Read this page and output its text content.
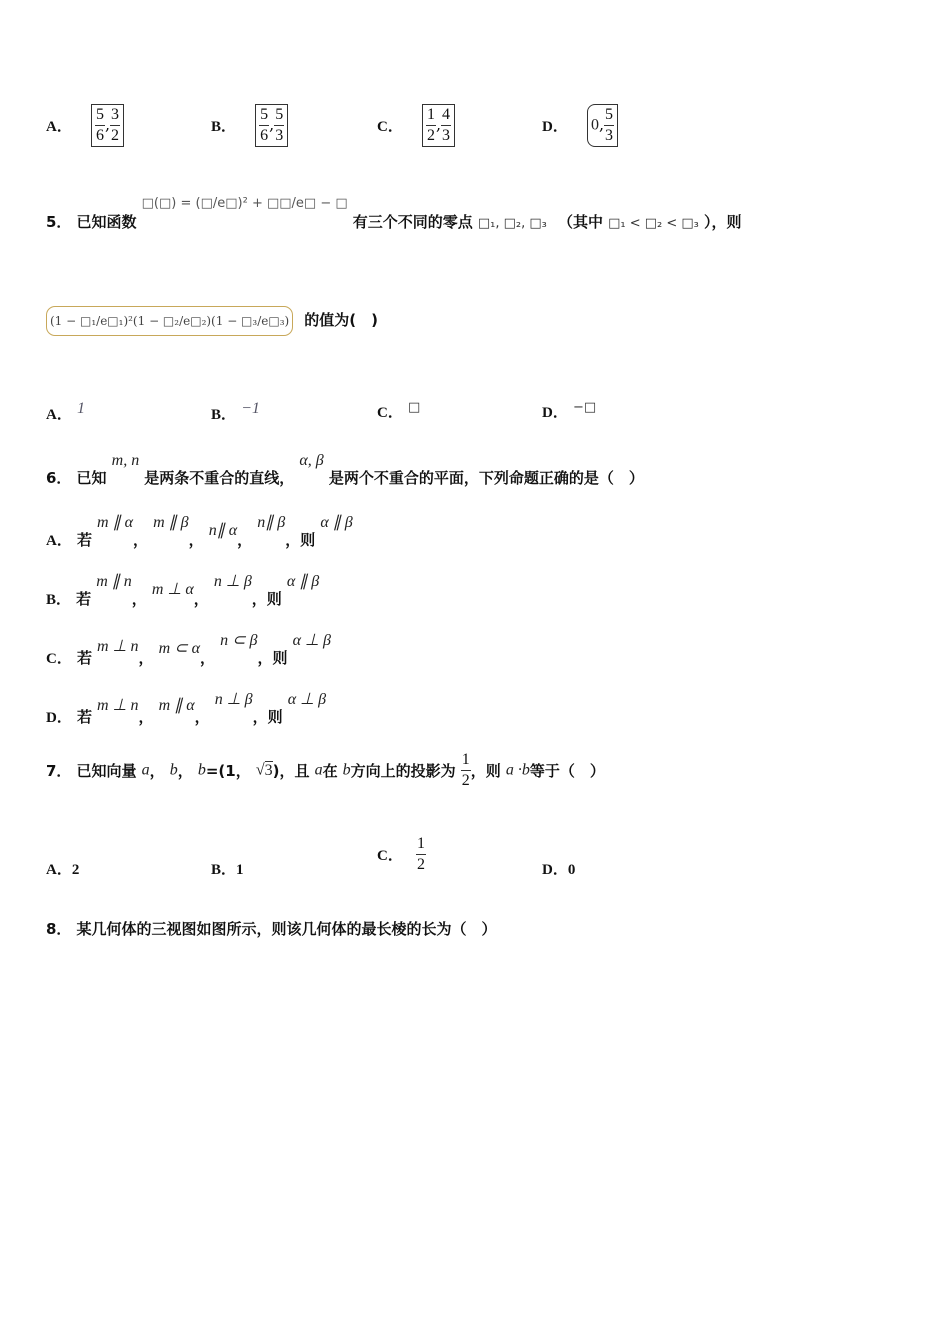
A． $\frac{5}{6}$ , $\frac{3}{2}$	B． $\frac{5}{6}$ , $\frac{5}{3}$	C． $\frac{1}{2}$ , $\frac{4}{3}$	D． 0, $\frac{5}{3}$
5． 已知函数 $^{□(□) = (□/e□)^2 + □□/e□ - □}$ 有三个不同的零点 $_{□_1, □_2, □_3}$ （其中 $_{□_1 < □_2 < □_3}$ ），则
(1 − □₁/e□₁)²(1 − □₂/e□₂)(1 − □₃/e□₃) 的值为(　)
A． 1	B． −1	C． □	D． −□
6． 已知 m, n 是两条不重合的直线， α, β 是两个不重合的平面，下列命题正确的是（　）
A． 若 m ∥ α， m ∥ β， n∥ α， n∥ β，则 α ∥ β
B． 若 m ∥ n， m ⊥ α， n ⊥ β，则 α ∥ β
C． 若 m ⊥ n， m ⊂ α， n ⊂ β，则 α ⊥ β
D． 若 m ⊥ n， m ∥ α， n ⊥ β，则 α ⊥ β
7． 已知向量 a， b， b=(1， √3)，且 a在 b方向上的投影为 $\frac{1}{2}$ ，则 a ·b等于（　）
A．2	B．1
C． $\frac{1}{2}$	D．0
8． 某几何体的三视图如图所示，则该几何体的最长棱的长为（　）
